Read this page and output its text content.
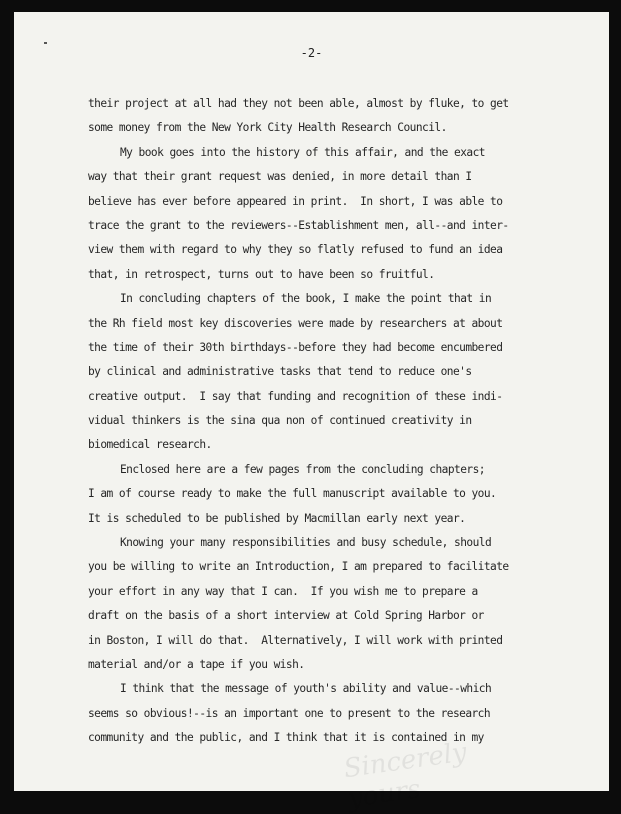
-2-
their project at all had they not been able, almost by fluke, to get
some money from the New York City Health Research Council.
My book goes into the history of this affair, and the exact
way that their grant request was denied, in more detail than I
believe has ever before appeared in print.  In short, I was able to
trace the grant to the reviewers--Establishment men, all--and inter-
view them with regard to why they so flatly refused to fund an idea
that, in retrospect, turns out to have been so fruitful.
In concluding chapters of the book, I make the point that in
the Rh field most key discoveries were made by researchers at about
the time of their 30th birthdays--before they had become encumbered
by clinical and administrative tasks that tend to reduce one's
creative output.  I say that funding and recognition of these indi-
vidual thinkers is the sina qua non of continued creativity in
biomedical research.
Enclosed here are a few pages from the concluding chapters;
I am of course ready to make the full manuscript available to you.
It is scheduled to be published by Macmillan early next year.
Knowing your many responsibilities and busy schedule, should
you be willing to write an Introduction, I am prepared to facilitate
your effort in any way that I can.  If you wish me to prepare a
draft on the basis of a short interview at Cold Spring Harbor or
in Boston, I will do that.  Alternatively, I will work with printed
material and/or a tape if you wish.
I think that the message of youth's ability and value--which
seems so obvious!--is an important one to present to the research
community and the public, and I think that it is contained in my
Sincerely yours
